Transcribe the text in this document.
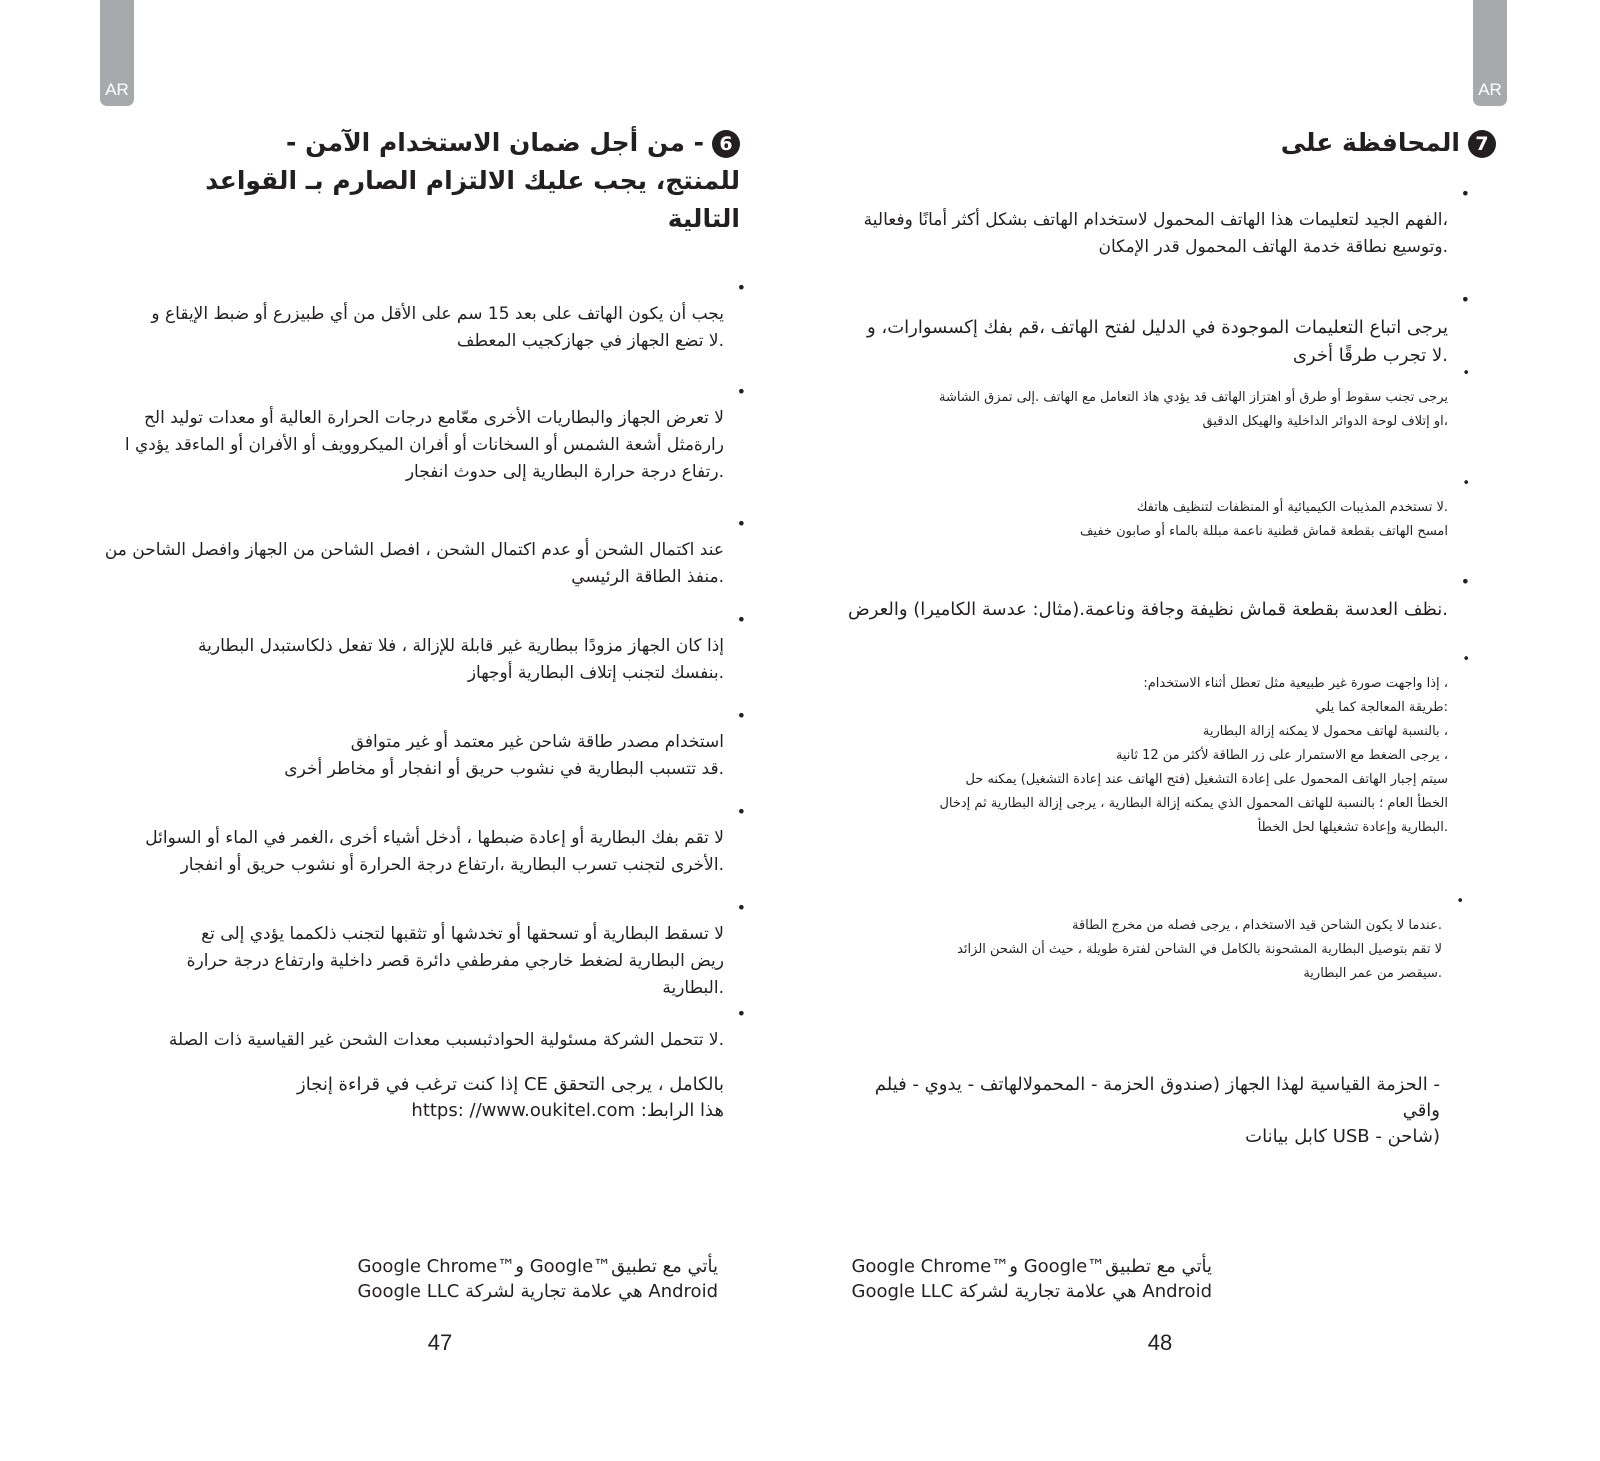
AR	AR
6- من أجل ضمان الاستخدام الآمن -
للمنتج، يجب عليك الالتزام الصارم بـ القواعد التالية

•
يجب أن يكون الهاتف على بعد 15 سم على الأقل من أي طبيزرع أو ضبط الإيقاع و
.لا تضع الجهاز في جهازكجيب المعطف

•
لا تعرض الجهاز والبطاريات الأخرى معّامع درجات الحرارة العالية أو معدات توليد الح
رارةمثل أشعة الشمس أو السخانات أو أفران الميكروويف أو الأفران أو الماءقد يؤدي ا
.رتفاع درجة حرارة البطارية إلى حدوث انفجار

•
عند اكتمال الشحن أو عدم اكتمال الشحن ، افصل الشاحن من الجهاز وافصل الشاحن من
.منفذ الطاقة الرئيسي

•
إذا كان الجهاز مزودًا ببطارية غير قابلة للإزالة ، فلا تفعل ذلكاستبدل البطارية
.بنفسك لتجنب إتلاف البطارية أوجهاز

•
استخدام مصدر طاقة شاحن غير معتمد أو غير متوافق
.قد تتسبب البطارية في نشوب حريق أو انفجار أو مخاطر أخرى

•
لا تقم بفك البطارية أو إعادة ضبطها ، أدخل أشياء أخرى ،الغمر في الماء أو السوائل
.الأخرى لتجنب تسرب البطارية ،ارتفاع درجة الحرارة أو نشوب حريق أو انفجار

•
لا تسقط البطارية أو تسحقها أو تخدشها أو تثقبها لتجنب ذلكمما يؤدي إلى تع
ريض البطارية لضغط خارجي مفرطفي دائرة قصر داخلية وارتفاع درجة حرارة
.البطارية

•
.لا تتحمل الشركة مسئولية الحوادثبسبب معدات الشحن غير القياسية ذات الصلة

بالكامل ، يرجى التحقق CE إذا كنت ترغب في قراءة إنجاز
هذا الرابط: https: //www.oukitel.com
يأتي مع تطبيق™Google و™Google Chrome
Android هي علامة تجارية لشركة Google LLC
47
7المحافظة على

•
،الفهم الجيد لتعليمات هذا الهاتف المحمول لاستخدام الهاتف بشكل أكثر أمانًا وفعالية
.وتوسيع نطاقة خدمة الهاتف المحمول قدر الإمكان

•
يرجى اتباع التعليمات الموجودة في الدليل لفتح الهاتف ،قم بفك إكسسوارات، و
.لا تجرب طرقًا أخرى

•
يرجى تجنب سقوط أو طرق أو اهتزاز الهاتف قد يؤدي هاذ التعامل مع الهاتف .إلى تمزق الشاشة
،او إتلاف لوحة الدوائر الداخلية والهيكل الدقيق

•
.لا تستخدم المذيبات الكيميائية أو المنظفات لتنظيف هاتفك
امسح الهاتف بقطعة قماش قطنية ناعمة مبللة بالماء أو صابون خفيف

•
.نظف العدسة بقطعة قماش نظيفة وجافة وناعمة.(مثال: عدسة الكاميرا) والعرض

•
، إذا واجهت صورة غير طبيعية مثل تعطل أثناء الاستخدام:
:طريقة المعالجة كما يلي
، بالنسبة لهاتف محمول لا يمكنه إزالة البطارية
، يرجى الضغط مع الاستمرار على زر الطاقة لأكثر من 12 ثانية
سيتم إجبار الهاتف المحمول على إعادة التشغيل (فتح الهاتف عند إعادة التشغيل) يمكنه حل
الخطأ العام ؛ بالنسبة للهاتف المحمول الذي يمكنه إزالة البطارية ، يرجى إزالة البطارية ثم إدخال
.البطارية وإعادة تشغيلها لحل الخطأ

•
.عندما لا يكون الشاحن قيد الاستخدام ، يرجى فصله من مخرج الطاقة
لا تقم بتوصيل البطارية المشحونة بالكامل في الشاحن لفترة طويلة ، حيث أن الشحن الزائد
.سيقصر من عمر البطارية

- الحزمة القياسية لهذا الجهاز (صندوق الحزمة - المحمولالهاتف - يدوي - فيلم واقي
(شاحن - USB كابل بيانات
يأتي مع تطبيق™Google و™Google Chrome
Android هي علامة تجارية لشركة Google LLC
48
